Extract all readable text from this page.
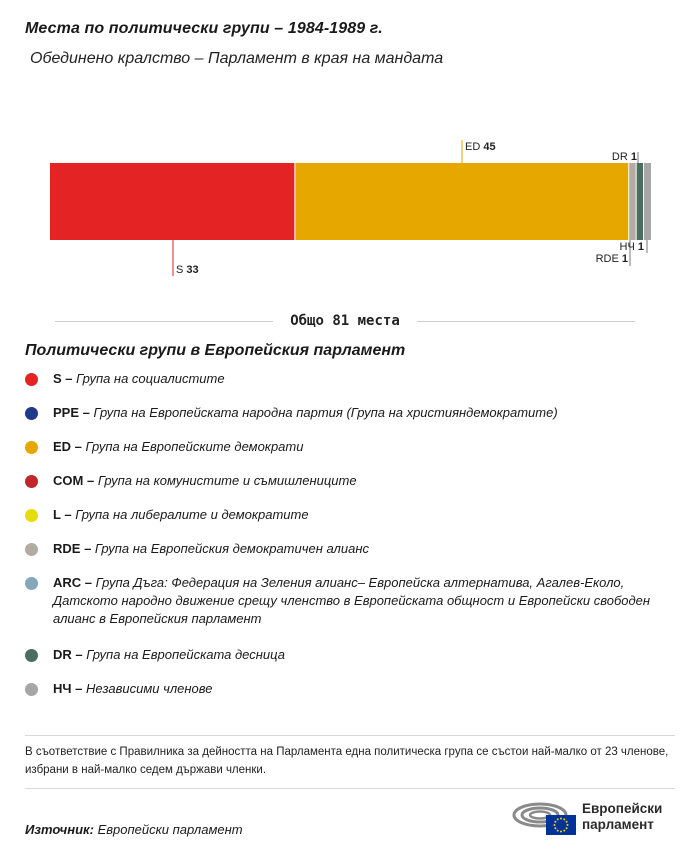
Места по политически групи – 1984-1989 г.
Обединено кралство – Парламент в края на мандата
S 33
ED 45
RDE 1
DR 1
НЧ 1
Общо 81 места
Политически групи в Европейския парламент
S – Група на социалистите
PPE – Група на Европейската народна партия (Група на християндемократите)
ED – Група на Европейските демократи
COM – Група на комунистите и съмишлениците
L – Група на либералите и демократите
RDE – Група на Европейския демократичен алианс
ARC – Група Дъга: Федерация на Зеления алианс– Европейска алтернатива, Агалев-Еколо, Датското народно движение срещу членство в Европейската общност и Европейски свободен алианс в Европейския парламент
DR – Група на Европейската десница
НЧ – Независими членове
В съответствие с Правилника за дейността на Парламента една политическа група се състои най-малко от 23 членове, избрани в най-малко седем държави членки.
Източник: Европейски парламент
Европейски
парламент
